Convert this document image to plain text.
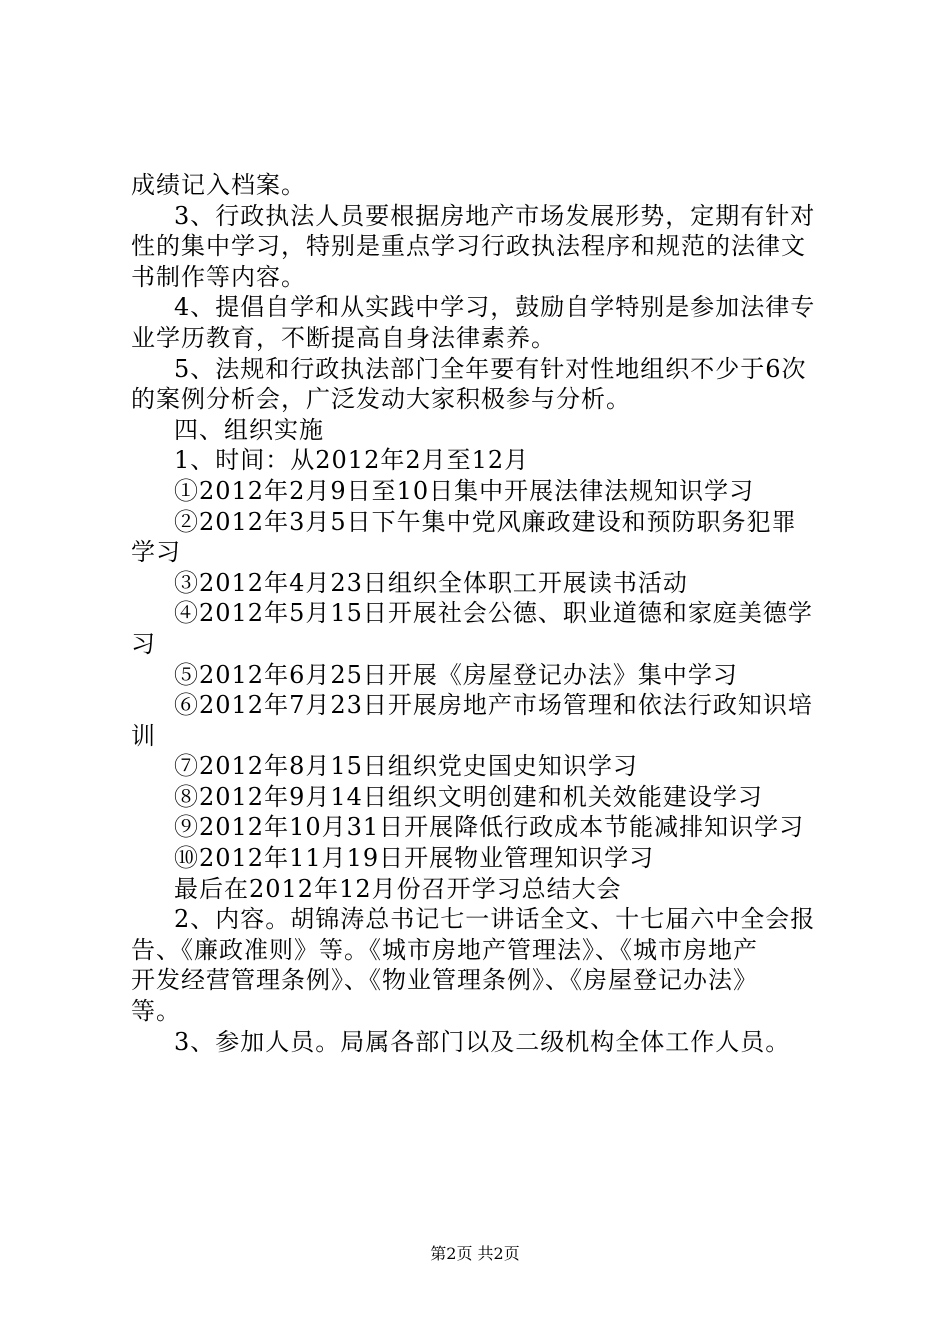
成绩记入档案。
3、行政执法人员要根据房地产市场发展形势，定期有针对
性的集中学习，特别是重点学习行政执法程序和规范的法律文
书制作等内容。
4、提倡自学和从实践中学习，鼓励自学特别是参加法律专
业学历教育，不断提高自身法律素养。
5、法规和行政执法部门全年要有针对性地组织不少于6次
的案例分析会，广泛发动大家积极参与分析。
四、组织实施
1、时间：从2012年2月至12月
①2012年2月9日至10日集中开展法律法规知识学习
②2012年3月5日下午集中党风廉政建设和预防职务犯罪
学习
③2012年4月23日组织全体职工开展读书活动
④2012年5月15日开展社会公德、职业道德和家庭美德学
习
⑤2012年6月25日开展《房屋登记办法》集中学习
⑥2012年7月23日开展房地产市场管理和依法行政知识培
训
⑦2012年8月15日组织党史国史知识学习
⑧2012年9月14日组织文明创建和机关效能建设学习
⑨2012年10月31日开展降低行政成本节能减排知识学习
⑩2012年11月19日开展物业管理知识学习
最后在2012年12月份召开学习总结大会
2、内容。胡锦涛总书记七一讲话全文、十七届六中全会报
告、《廉政准则》等。《城市房地产管理法》、《城市房地产
开发经营管理条例》、《物业管理条例》、《房屋登记办法》
等。
3、参加人员。局属各部门以及二级机构全体工作人员。
第2页 共2页
